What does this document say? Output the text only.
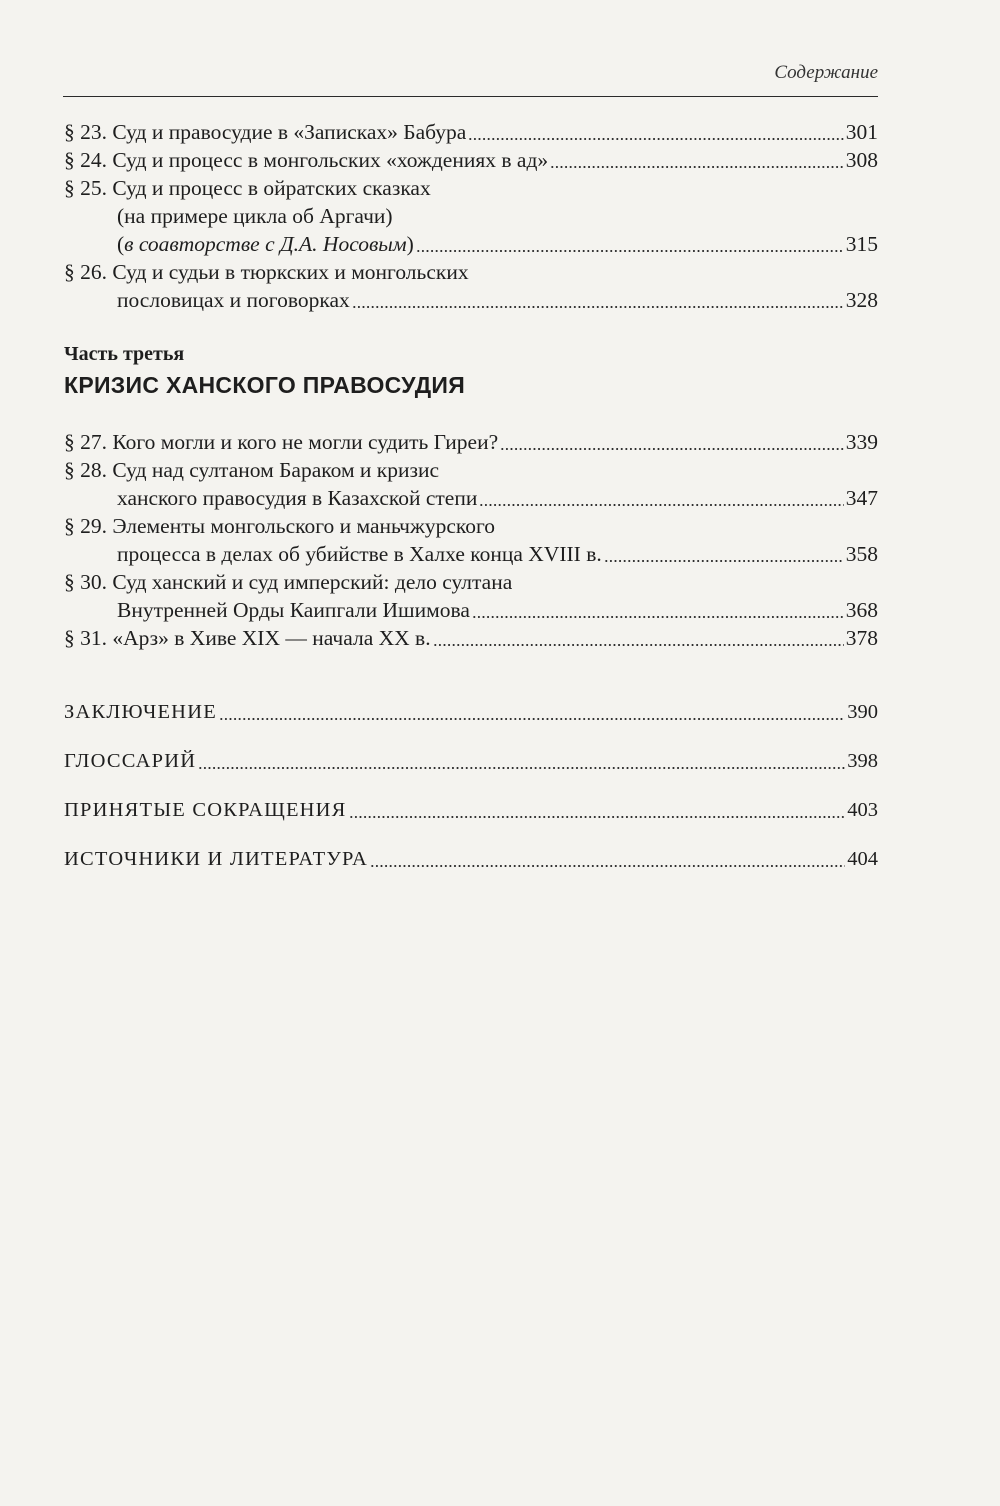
Содержание
§ 23. Суд и правосудие в «Записках» Бабура	301
§ 24. Суд и процесс в монгольских «хождениях в ад»	308
§ 25. Суд и процесс в ойратских сказках
(на примере цикла об Аргачи)
(в соавторстве с Д.А. Носовым)	315
§ 26. Суд и судьи в тюркских и монгольских
пословицах и поговорках	328
Часть третья
КРИЗИС ХАНСКОГО ПРАВОСУДИЯ
§ 27. Кого могли и кого не могли судить Гиреи?	339
§ 28. Суд над султаном Бараком и кризис
ханского правосудия в Казахской степи	347
§ 29. Элементы монгольского и маньчжурского
процесса в делах об убийстве в Халхе конца XVIII в.	358
§ 30. Суд ханский и суд имперский: дело султана
Внутренней Орды Каипгали Ишимова	368
§ 31. «Арз» в Хиве XIX — начала XX в.	378
ЗАКЛЮЧЕНИЕ	390
ГЛОССАРИЙ	398
ПРИНЯТЫЕ СОКРАЩЕНИЯ	403
ИСТОЧНИКИ И ЛИТЕРАТУРА	404
